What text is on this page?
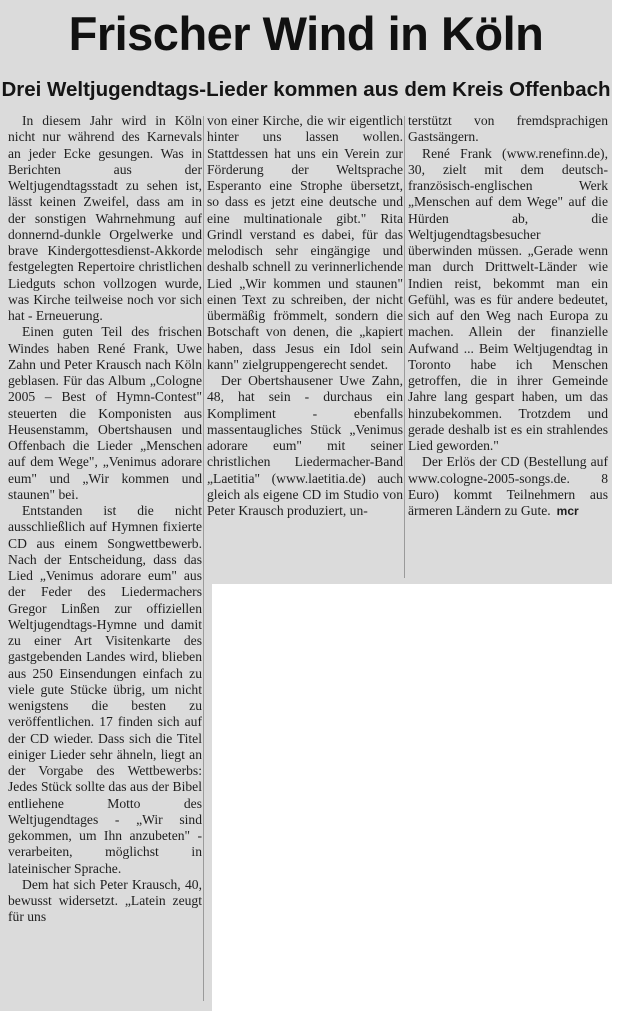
Frischer Wind in Köln
Drei Weltjugendtags-Lieder kommen aus dem Kreis Offenbach

In diesem Jahr wird in Köln nicht nur während des Karnevals an jeder Ecke gesungen. Was in Berichten aus der Weltjugendtagsstadt zu sehen ist, lässt keinen Zweifel, dass am in der sonstigen Wahrnehmung auf donnernd-dunkle Orgelwerke und brave Kindergottesdienst-Akkorde festgelegten Repertoire christlichen Liedguts schon vollzogen wurde, was Kirche teilweise noch vor sich hat - Erneuerung.

Einen guten Teil des frischen Windes haben René Frank, Uwe Zahn und Peter Krausch nach Köln geblasen. Für das Album „Cologne 2005 – Best of Hymn-Contest" steuerten die Komponisten aus Heusenstamm, Obertshausen und Offenbach die Lieder „Menschen auf dem Wege", „Venimus adorare eum" und „Wir kommen und staunen" bei.

Entstanden ist die nicht ausschließlich auf Hymnen fixierte CD aus einem Songwettbewerb. Nach der Entscheidung, dass das Lied „Venimus adorare eum" aus der Feder des Liedermachers Gregor Linßen zur offiziellen Weltjugendtags-Hymne und damit zu einer Art Visitenkarte des gastgebenden Landes wird, blieben aus 250 Einsendungen einfach zu viele gute Stücke übrig, um nicht wenigstens die besten zu veröffentlichen. 17 finden sich auf der CD wieder. Dass sich die Titel einiger Lieder sehr ähneln, liegt an der Vorgabe des Wettbewerbs: Jedes Stück sollte das aus der Bibel entliehene Motto des Weltjugendtages - „Wir sind gekommen, um Ihn anzubeten" - verarbeiten, möglichst in lateinischer Sprache.

Dem hat sich Peter Krausch, 40, bewusst widersetzt. „Latein zeugt für uns

von einer Kirche, die wir eigentlich hinter uns lassen wollen. Stattdessen hat uns ein Verein zur Förderung der Weltsprache Esperanto eine Strophe übersetzt, so dass es jetzt eine deutsche und eine multinationale gibt." Rita Grindl verstand es dabei, für das melodisch sehr eingängige und deshalb schnell zu verinnerlichende Lied „Wir kommen und staunen" einen Text zu schreiben, der nicht übermäßig frömmelt, sondern die Botschaft von denen, die „kapiert haben, dass Jesus ein Idol sein kann" zielgruppengerecht sendet.

Der Obertshausener Uwe Zahn, 48, hat sein - durchaus ein Kompliment - ebenfalls massentaugliches Stück „Venimus adorare eum" mit seiner christlichen Liedermacher-Band „Laetitia" (www.laetitia.de) auch gleich als eigene CD im Studio von Peter Krausch produziert, un-

terstützt von fremdsprachigen Gastsängern.

René Frank (www.renefinn.de), 30, zielt mit dem deutsch-französisch-englischen Werk „Menschen auf dem Wege" auf die Hürden ab, die Weltjugendtagsbesucher überwinden müssen. „Gerade wenn man durch Drittwelt-Länder wie Indien reist, bekommt man ein Gefühl, was es für andere bedeutet, sich auf den Weg nach Europa zu machen. Allein der finanzielle Aufwand ... Beim Weltjugendtag in Toronto habe ich Menschen getroffen, die in ihrer Gemeinde Jahre lang gespart haben, um das hinzubekommen. Trotzdem und gerade deshalb ist es ein strahlendes Lied geworden."

Der Erlös der CD (Bestellung auf www.cologne-2005-songs.de. 8 Euro) kommt Teilnehmern aus ärmeren Ländern zu Gute. mcr
